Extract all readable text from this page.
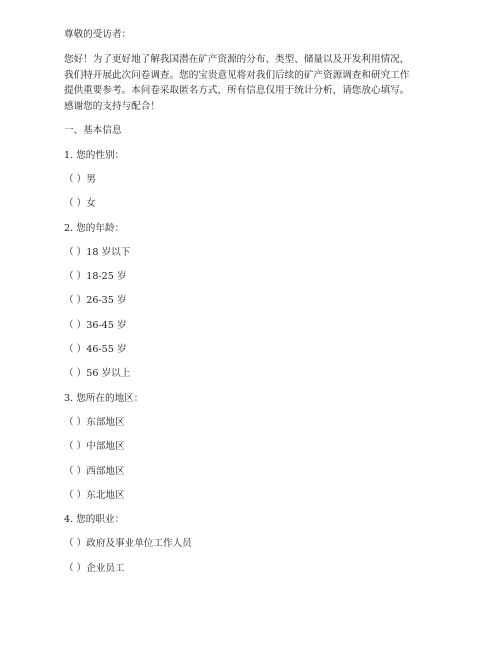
尊敬的受访者：
您好！为了更好地了解我国潜在矿产资源的分布、类型、储量以及开发利用情况，
我们特开展此次问卷调查。您的宝贵意见将对我们后续的矿产资源调查和研究工作
提供重要参考。本问卷采取匿名方式，所有信息仅用于统计分析，请您放心填写。
感谢您的支持与配合！
一、基本信息
1. 您的性别：
（ ）男
（ ）女
2. 您的年龄：
（ ）18 岁以下
（ ）18-25 岁
（ ）26-35 岁
（ ）36-45 岁
（ ）46-55 岁
（ ）56 岁以上
3. 您所在的地区：
（ ）东部地区
（ ）中部地区
（ ）西部地区
（ ）东北地区
4. 您的职业：
（ ）政府及事业单位工作人员
（ ）企业员工
